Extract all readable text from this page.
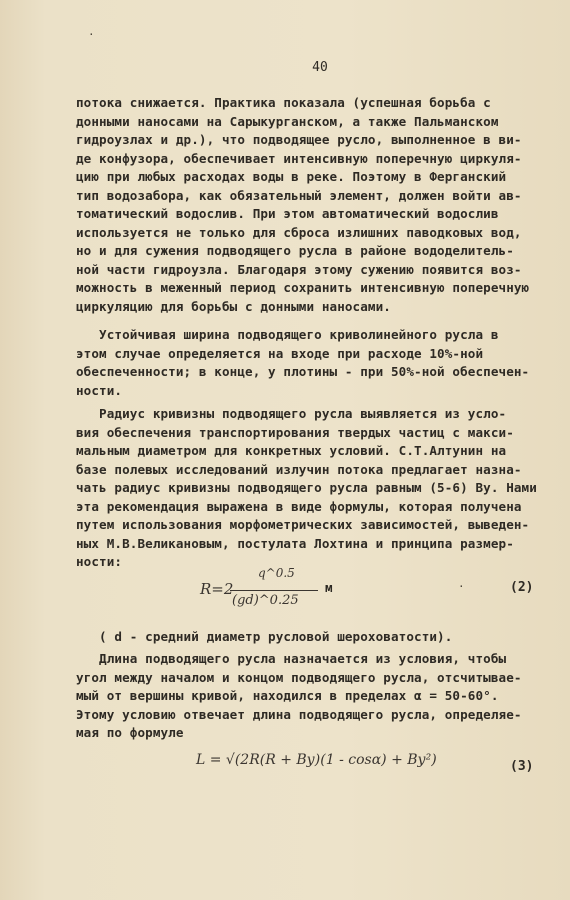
·
40
потока снижается. Практика показала (успешная борьба с
донными наносами на Сарыкурганском, а также Пальманском
гидроузлах и др.), что подводящее русло, выполненное в ви-
де конфузора, обеспечивает интенсивную поперечную циркуля-
цию при любых расходах воды в реке. Поэтому в Ферганский
тип водозабора, как обязательный элемент, должен войти ав-
томатический водослив. При этом автоматический водослив
используется не только для сброса излишних паводковых вод,
но и для сужения подводящего русла в районе вододелитель-
ной части гидроузла. Благодаря этому сужению появится воз-
можность в меженный период сохранить интенсивную поперечную
циркуляцию для борьбы с донными наносами.
Устойчивая ширина подводящего криволинейного русла в
этом случае определяется на входе при расходе 10%-ной
обеспеченности; в конце, у плотины - при 50%-ной обеспечен-
ности.
Радиус кривизны подводящего русла выявляется из усло-
вия обеспечения транспортирования твердых частиц с макси-
мальным диаметром для конкретных условий. С.Т.Алтунин на
базе полевых исследований излучин потока предлагает назна-
чать радиус кривизны подводящего русла равным (5-6) Bу. Нами
эта рекомендация выражена в виде формулы, которая получена
путем использования морфометрических зависимостей, выведен-
ных М.В.Великановым, постулата Лохтина и принципа размер-
ности:
q^0.5
R=2
(gd)^0.25
м	·	(2)
( d - средний диаметр русловой шероховатости).
Длина подводящего русла назначается из условия, чтобы
угол между началом и концом подводящего русла, отсчитывае-
мый от вершины кривой, находился в пределах α = 50-60°.
Этому условию отвечает длина подводящего русла, определяе-
мая по формуле
L = √(2R(R + Bу)(1 - cosα) + Bу²)	(3)
